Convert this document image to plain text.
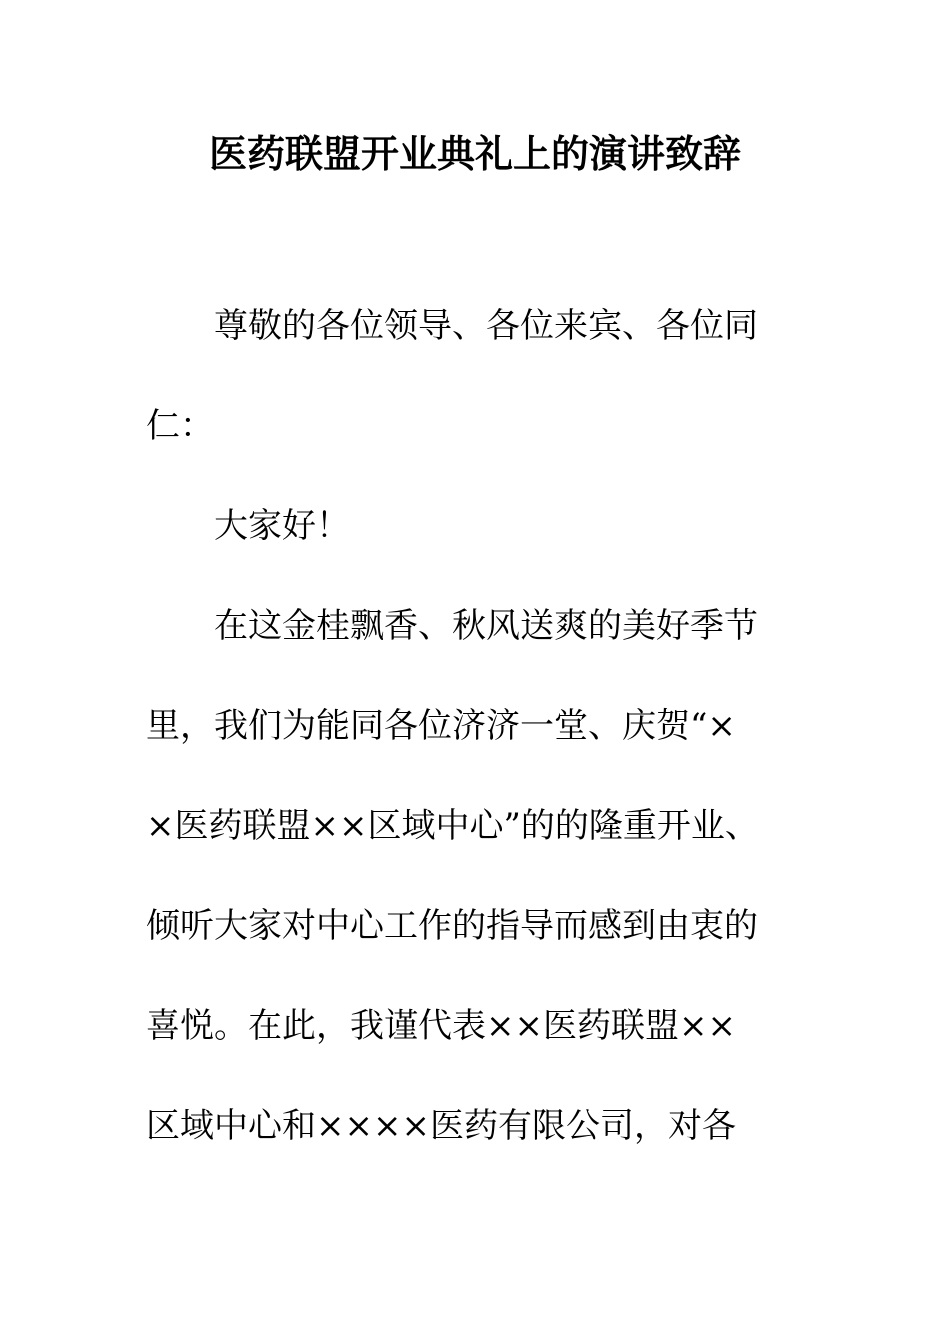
医药联盟开业典礼上的演讲致辞
尊敬的各位领导、各位来宾、各位同
仁：
大家好！
在这金桂飘香、秋风送爽的美好季节
里，我们为能同各位济济一堂、庆贺“×
×医药联盟××区域中心”的的隆重开业、
倾听大家对中心工作的指导而感到由衷的
喜悦。在此，我谨代表××医药联盟××
区域中心和××××医药有限公司，对各
